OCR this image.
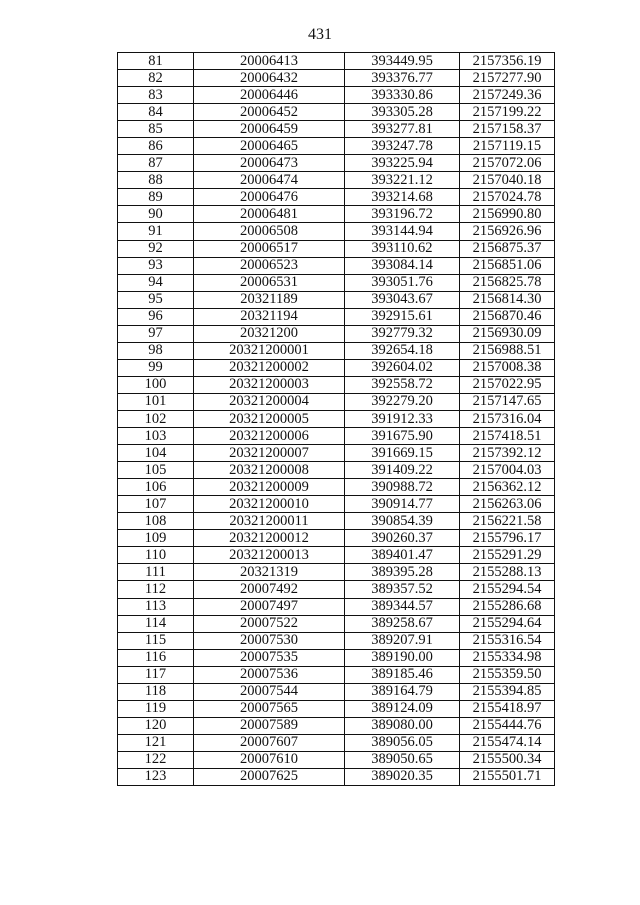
431
81	20006413	393449.95	2157356.19
82	20006432	393376.77	2157277.90
83	20006446	393330.86	2157249.36
84	20006452	393305.28	2157199.22
85	20006459	393277.81	2157158.37
86	20006465	393247.78	2157119.15
87	20006473	393225.94	2157072.06
88	20006474	393221.12	2157040.18
89	20006476	393214.68	2157024.78
90	20006481	393196.72	2156990.80
91	20006508	393144.94	2156926.96
92	20006517	393110.62	2156875.37
93	20006523	393084.14	2156851.06
94	20006531	393051.76	2156825.78
95	20321189	393043.67	2156814.30
96	20321194	392915.61	2156870.46
97	20321200	392779.32	2156930.09
98	20321200001	392654.18	2156988.51
99	20321200002	392604.02	2157008.38
100	20321200003	392558.72	2157022.95
101	20321200004	392279.20	2157147.65
102	20321200005	391912.33	2157316.04
103	20321200006	391675.90	2157418.51
104	20321200007	391669.15	2157392.12
105	20321200008	391409.22	2157004.03
106	20321200009	390988.72	2156362.12
107	20321200010	390914.77	2156263.06
108	20321200011	390854.39	2156221.58
109	20321200012	390260.37	2155796.17
110	20321200013	389401.47	2155291.29
111	20321319	389395.28	2155288.13
112	20007492	389357.52	2155294.54
113	20007497	389344.57	2155286.68
114	20007522	389258.67	2155294.64
115	20007530	389207.91	2155316.54
116	20007535	389190.00	2155334.98
117	20007536	389185.46	2155359.50
118	20007544	389164.79	2155394.85
119	20007565	389124.09	2155418.97
120	20007589	389080.00	2155444.76
121	20007607	389056.05	2155474.14
122	20007610	389050.65	2155500.34
123	20007625	389020.35	2155501.71
